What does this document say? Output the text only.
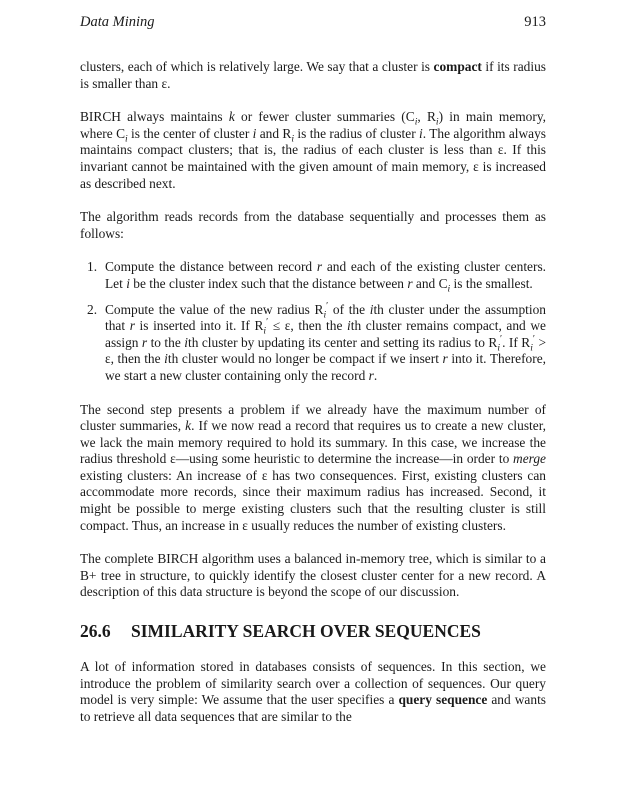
Data Mining	913

clusters, each of which is relatively large. We say that a cluster is compact if its radius is smaller than ε.

BIRCH always maintains k or fewer cluster summaries ($C_i$, $R_i$) in main memory, where $C_i$ is the center of cluster i and $R_i$ is the radius of cluster i. The algorithm always maintains compact clusters; that is, the radius of each cluster is less than ε. If this invariant cannot be maintained with the given amount of main memory, ε is increased as described next.

The algorithm reads records from the database sequentially and processes them as follows:

1. Compute the distance between record r and each of the existing cluster centers. Let i be the cluster index such that the distance between r and $C_i$ is the smallest.
2. Compute the value of the new radius $R_i'$ of the ith cluster under the assumption that r is inserted into it. If $R_i' \le \varepsilon$, then the ith cluster remains compact, and we assign r to the ith cluster by updating its center and setting its radius to $R_i'$. If $R_i' > \varepsilon$, then the ith cluster would no longer be compact if we insert r into it. Therefore, we start a new cluster containing only the record r.

The second step presents a problem if we already have the maximum number of cluster summaries, k. If we now read a record that requires us to create a new cluster, we lack the main memory required to hold its summary. In this case, we increase the radius threshold ε—using some heuristic to determine the increase—in order to merge existing clusters: An increase of ε has two consequences. First, existing clusters can accommodate more records, since their maximum radius has increased. Second, it might be possible to merge existing clusters such that the resulting cluster is still compact. Thus, an increase in ε usually reduces the number of existing clusters.

The complete BIRCH algorithm uses a balanced in-memory tree, which is similar to a B+ tree in structure, to quickly identify the closest cluster center for a new record. A description of this data structure is beyond the scope of our discussion.

26.6 SIMILARITY SEARCH OVER SEQUENCES

A lot of information stored in databases consists of sequences. In this section, we introduce the problem of similarity search over a collection of sequences. Our query model is very simple: We assume that the user specifies a query sequence and wants to retrieve all data sequences that are similar to the
